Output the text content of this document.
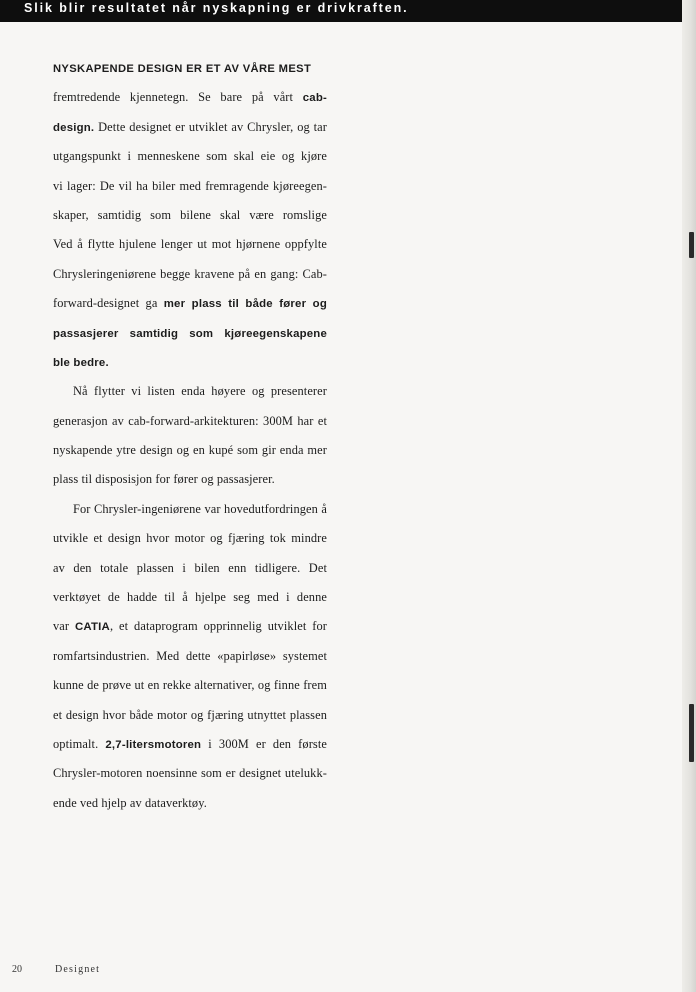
Slik blir resultatet når nyskapning er drivkraften.
NYSKAPENDE DESIGN ER ET AV VÅRE MEST
fremtredende kjennetegn. Se bare på vårt cab-
design. Dette designet er utviklet av Chrysler, og tar
utgangspunkt i menneskene som skal eie og kjøre
vi lager: De vil ha biler med fremragende kjøreegen-
skaper, samtidig som bilene skal være romslige
Ved å flytte hjulene lenger ut mot hjørnene oppfylte
Chrysleringeniørene begge kravene på en gang: Cab-
forward-designet ga mer plass til både fører og
passasjerer samtidig som kjøreegenskapene
ble bedre.
Nå flytter vi listen enda høyere og presenterer
generasjon av cab-forward-arkitekturen: 300M har et
nyskapende ytre design og en kupé som gir enda mer
plass til disposisjon for fører og passasjerer.
For Chrysler-ingeniørene var hovedutfordringen å
utvikle et design hvor motor og fjæring tok mindre
av den totale plassen i bilen enn tidligere. Det
verktøyet de hadde til å hjelpe seg med i denne
var CATIA, et dataprogram opprinnelig utviklet for
romfartsindustrien. Med dette «papirløse» systemet
kunne de prøve ut en rekke alternativer, og finne frem
et design hvor både motor og fjæring utnyttet plassen
optimalt. 2,7-litersmotoren i 300M er den første
Chrysler-motoren noensinne som er designet utelukk-
ende ved hjelp av dataverktøy.
20	Designet
